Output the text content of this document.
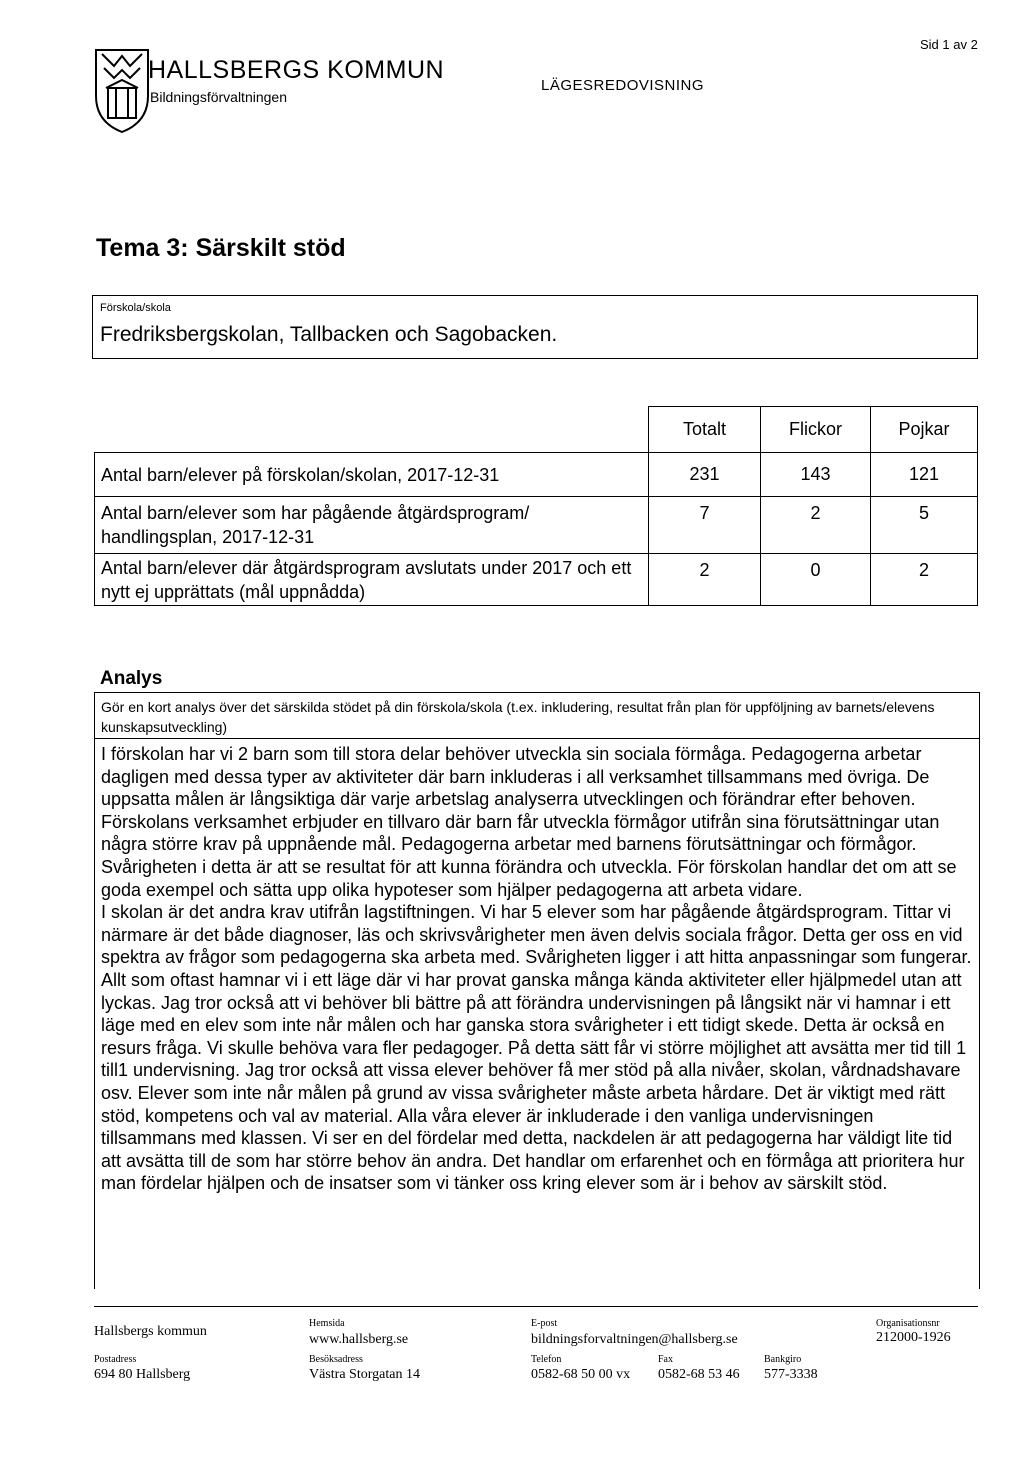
HALLSBERGS KOMMUN
Bildningsförvaltningen
LÄGESREDOVISNING
Sid 1 av 2
Tema 3: Särskilt stöd
Förskola/skola
Fredriksbergskolan, Tallbacken och Sagobacken.
	Totalt	Flickor	Pojkar
Antal barn/elever på förskolan/skolan, 2017-12-31	231	143	121
Antal barn/elever som har pågående åtgärdsprogram/ handlingsplan, 2017-12-31	7	2	5
Antal barn/elever där åtgärdsprogram avslutats under 2017 och ett nytt ej upprättats (mål uppnådda)	2	0	2
Analys
Gör en kort analys över det särskilda stödet på din förskola/skola (t.ex. inkludering, resultat från plan för uppföljning av barnets/elevens kunskapsutveckling)

I förskolan har vi 2 barn som till stora delar behöver utveckla sin sociala förmåga. Pedagogerna arbetar dagligen med dessa typer av aktiviteter där barn inkluderas i all verksamhet tillsammans med övriga. De uppsatta målen är långsiktiga där varje arbetslag analyserra utvecklingen och förändrar efter behoven. Förskolans verksamhet erbjuder en tillvaro där barn får utveckla förmågor utifrån sina förutsättningar utan några större krav på uppnående mål. Pedagogerna arbetar med barnens förutsättningar och förmågor. Svårigheten i detta är att se resultat för att kunna förändra och utveckla. För förskolan handlar det om att se goda exempel och sätta upp olika hypoteser som hjälper pedagogerna att arbeta vidare.

I skolan är det andra krav utifrån lagstiftningen. Vi har 5 elever som har pågående åtgärdsprogram. Tittar vi närmare är det både diagnoser, läs och skrivsvårigheter men även delvis sociala frågor. Detta ger oss en vid spektra av frågor som pedagogerna ska arbeta med. Svårigheten ligger i att hitta anpassningar som fungerar. Allt som oftast hamnar vi i ett läge där vi har provat ganska många kända aktiviteter eller hjälpmedel utan att lyckas. Jag tror också att vi behöver bli bättre på att förändra undervisningen på långsikt när vi hamnar i ett läge med en elev som inte når målen och har ganska stora svårigheter i ett tidigt skede. Detta är också en resurs fråga. Vi skulle behöva vara fler pedagoger. På detta sätt får vi större möjlighet att avsätta mer tid till 1 till1 undervisning. Jag tror också att vissa elever behöver få mer stöd på alla nivåer, skolan, vårdnadshavare osv. Elever som inte når målen på grund av vissa svårigheter måste arbeta hårdare. Det är viktigt med rätt stöd, kompetens och val av material. Alla våra elever är inkluderade i den vanliga undervisningen tillsammans med klassen. Vi ser en del fördelar med detta, nackdelen är att pedagogerna har väldigt lite tid att avsätta till de som har större behov än andra. Det handlar om erfarenhet och en förmåga att prioritera hur man fördelar hjälpen och de insatser som vi tänker oss kring elever som är i behov av särskilt stöd.

Hallsbergs kommun
Postadress
694 80 Hallsberg
Hemsida
www.hallsberg.se
Besöksadress
Västra Storgatan 14
E-post
bildningsforvaltningen@hallsberg.se
Telefon
0582-68 50 00 vx
Fax
0582-68 53 46
Bankgiro
577-3338
Organisationsnr
212000-1926
